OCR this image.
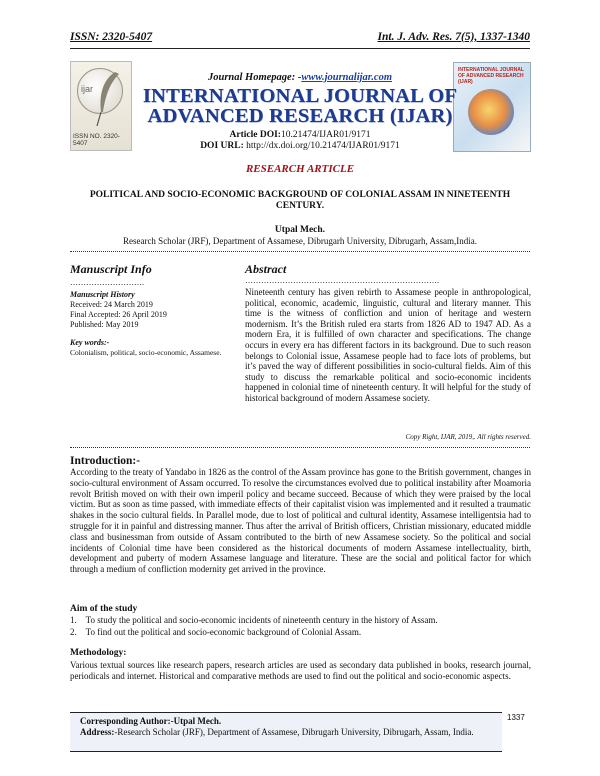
ISSN: 2320-5407	Int. J. Adv. Res. 7(5), 1337-1340
ijar
ISSN NO. 2320-5407
INTERNATIONAL JOURNAL OF ADVANCED RESEARCH (IJAR)
Journal Homepage: -www.journalijar.com
INTERNATIONAL JOURNAL OF
ADVANCED RESEARCH (IJAR)
Article DOI:10.21474/IJAR01/9171
DOI URL: http://dx.doi.org/10.21474/IJAR01/9171
RESEARCH ARTICLE
POLITICAL AND SOCIO-ECONOMIC BACKGROUND OF COLONIAL ASSAM IN NINETEENTH CENTURY.
Utpal Mech.
Research Scholar (JRF), Department of Assamese, Dibrugarh University, Dibrugarh, Assam,India.
Manuscript Info
……………………….
Manuscript History
Received: 24 March 2019
Final Accepted: 26 April 2019
Published: May 2019
Key words:-
Colonialism, political, socio-economic, Assamese.
Abstract
……………………………………………………………….
Nineteenth century has given rebirth to Assamese people in anthropological, political, economic, academic, linguistic, cultural and literary manner. This time is the witness of confliction and union of heritage and western modernism. It’s the British ruled era starts from 1826 AD to 1947 AD. As a modern Era, it is fulfilled of own character and specifications. The change occurs in every era has different factors in its background. Due to such reason belongs to Colonial issue, Assamese people had to face lots of problems, but it’s paved the way of different possibilities in socio-cultural fields. Aim of this study to discuss the remarkable political and socio-economic incidents happened in colonial time of nineteenth century. It will helpful for the study of historical background of modern Assamese society.
Copy Right, IJAR, 2019,. All rights reserved.
Introduction:-
According to the treaty of Yandabo in 1826 as the control of the Assam province has gone to the British government, changes in socio-cultural environment of Assam occurred. To resolve the circumstances evolved due to political instability after Moamoria revolt British moved on with their own imperil policy and became succeed. Because of which they were praised by the local victim. But as soon as time passed, with immediate effects of their capitalist vision was implemented and it resulted a traumatic shakes in the socio cultural fields. In Parallel mode, due to lost of political and cultural identity, Assamese intelligentsia had to struggle for it in painful and distressing manner. Thus after the arrival of British officers, Christian missionary, educated middle class and businessman from outside of Assam contributed to the birth of new Assamese society. So the political and social incidents of Colonial time have been considered as the historical documents of modern Assamese intellectuality, birth, development and puberty of modern Assamese language and literature. These are the social and political factor for which through a medium of confliction modernity get arrived in the province.
Aim of the study
1.    To study the political and socio-economic incidents of nineteenth century in the history of Assam.
2.    To find out the political and socio-economic background of Colonial Assam.
Methodology:
Various textual sources like research papers, research articles are used as secondary data published in books, research journal, periodicals and internet. Historical and comparative methods are used to find out the political and socio-economic aspects.
Corresponding Author:-Utpal Mech.
Address:-Research Scholar (JRF), Department of Assamese, Dibrugarh University, Dibrugarh, Assam, India.
1337
